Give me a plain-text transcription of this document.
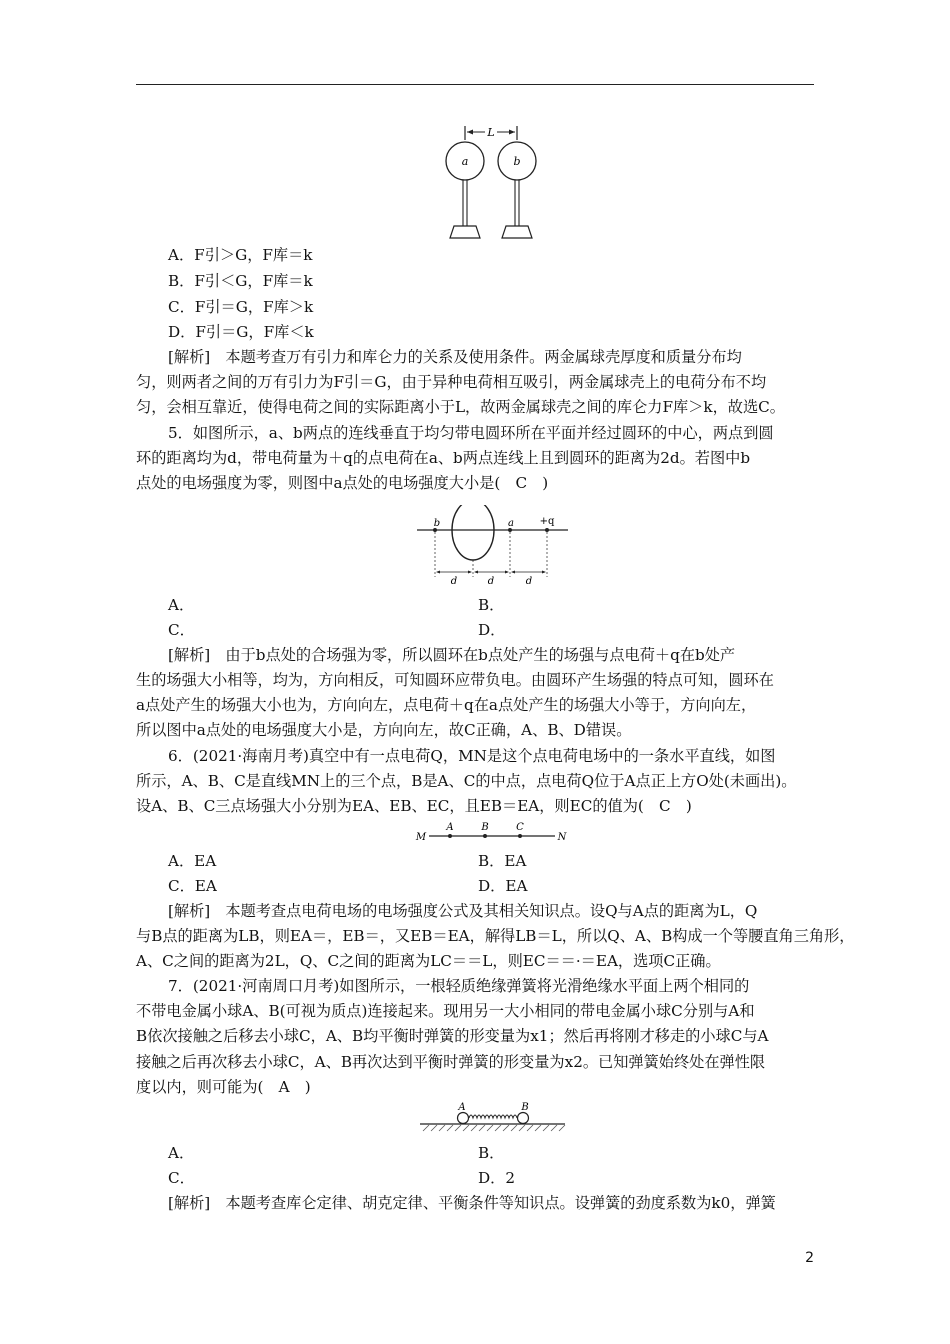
L
a	b
A．F引＞G，F库＝k
B．F引＜G，F库＝k
C．F引＝G，F库＞k
D．F引＝G，F库＜k
[解析]　本题考查万有引力和库仑力的关系及使用条件。两金属球壳厚度和质量分布均
匀，则两者之间的万有引力为F引＝G，由于异种电荷相互吸引，两金属球壳上的电荷分布不均
匀，会相互靠近，使得电荷之间的实际距离小于L，故两金属球壳之间的库仑力F库＞k，故选C。
5．如图所示，a、b两点的连线垂直于均匀带电圆环所在平面并经过圆环的中心，两点到圆
环的距离均为d，带电荷量为＋q的点电荷在a、b两点连线上且到圆环的距离为2d。若图中b
点处的电场强度为零，则图中a点处的电场强度大小是(　C　)
b	a	+q
d	d	d
A．	B．
C．	D．
[解析]　由于b点处的合场强为零，所以圆环在b点处产生的场强与点电荷＋q在b处产
生的场强大小相等，均为，方向相反，可知圆环应带负电。由圆环产生场强的特点可知，圆环在
a点处产生的场强大小也为，方向向左，点电荷＋q在a点处产生的场强大小等于，方向向左，
所以图中a点处的电场强度大小是，方向向左，故C正确，A、B、D错误。
6．(2021·海南月考)真空中有一点电荷Q，MN是这个点电荷电场中的一条水平直线，如图
所示，A、B、C是直线MN上的三个点，B是A、C的中点，点电荷Q位于A点正上方O处(未画出)。
设A、B、C三点场强大小分别为EA、EB、EC，且EB＝EA，则EC的值为(　C　)
M
A	B	C
N
A．EA	B．EA
C．EA	D．EA
[解析]　本题考查点电荷电场的电场强度公式及其相关知识点。设Q与A点的距离为L，Q
与B点的距离为LB，则EA＝，EB＝，又EB＝EA，解得LB＝L，所以Q、A、B构成一个等腰直角三角形，
A、C之间的距离为2L，Q、C之间的距离为LC＝＝L，则EC＝＝·＝EA，选项C正确。
7．(2021·河南周口月考)如图所示，一根轻质绝缘弹簧将光滑绝缘水平面上两个相同的
不带电金属小球A、B(可视为质点)连接起来。现用另一大小相同的带电金属小球C分别与A和
B依次接触之后移去小球C，A、B均平衡时弹簧的形变量为x1；然后再将刚才移走的小球C与A
接触之后再次移去小球C，A、B再次达到平衡时弹簧的形变量为x2。已知弹簧始终处在弹性限
度以内，则可能为(　A　)
A	B
A．	B．
C．	D．2
[解析]　本题考查库仑定律、胡克定律、平衡条件等知识点。设弹簧的劲度系数为k0，弹簧
2
